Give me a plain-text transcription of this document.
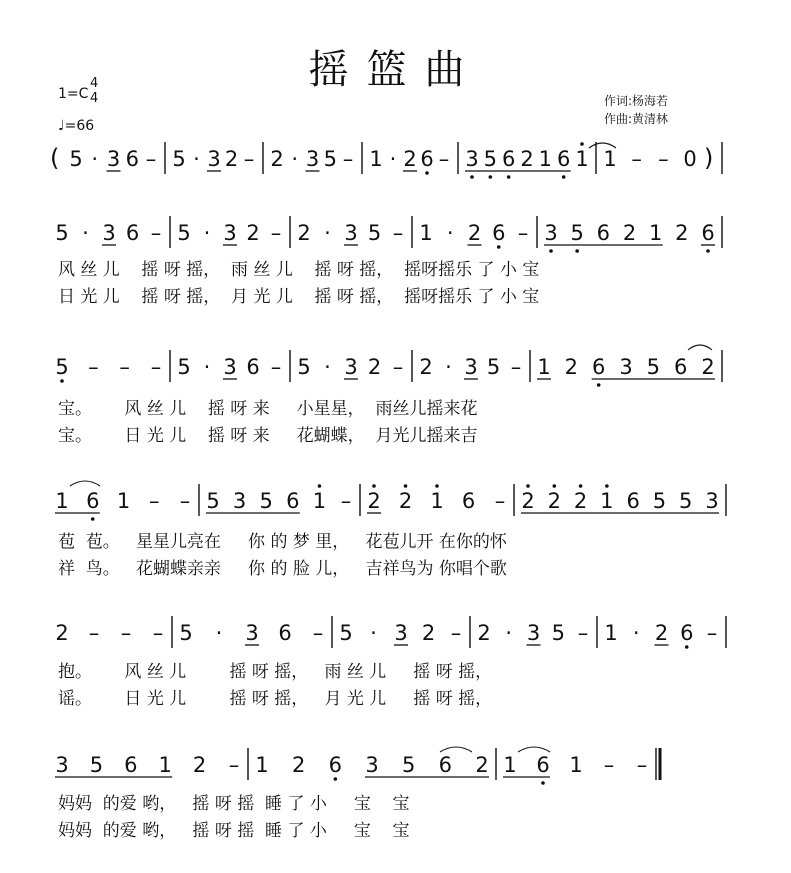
摇篮曲
1=C
4
4
♩=66
作词:杨海若
作曲:黄清林
( 5 · 3 6 – 5 · 3 2 – 2 · 3 5 – 1 · 2 6 – 3 5 6 2 1 6 1 1 – – 0 )
5 · 3 6 – 5 · 3 2 – 2 · 3 5 – 1 · 2 6 – 3 5 6 2 1 2 6
5 – – – 5 · 3 6 – 5 · 3 2 – 2 · 3 5 – 1 2 6 3 5 6 2
1 6 1 – – 5 3 5 6 1 – 2 2 1 6 – 2 2 2 1 6 5 5 3
2 – – – 5 · 3 6 – 5 · 3 2 – 2 · 3 5 – 1 · 2 6 –
3 5 6 1 2 – 1 2 6 3 5 6 2 1 6 1 – –
风 丝 儿    摇 呀 摇，  雨 丝 儿    摇 呀 摇，  摇呀摇乐 了 小 宝
日 光 儿    摇 呀 摇，  月 光 儿    摇 呀 摇，  摇呀摇乐 了 小 宝
宝。      风 丝 儿    摇 呀 来     小星星，  雨丝儿摇来花
宝。      日 光 儿    摇 呀 来     花蝴蝶，  月光儿摇来吉
苞  苞。   星星儿亮在     你 的 梦 里，   花苞儿开 在你的怀
祥  鸟。   花蝴蝶亲亲     你 的 脸 儿，   吉祥鸟为 你唱个歌
抱。      风 丝 儿        摇 呀 摇，   雨 丝 儿     摇 呀 摇，
谣。      日 光 儿        摇 呀 摇，   月 光 儿     摇 呀 摇，
妈妈  的爱 哟，   摇 呀 摇  睡 了 小     宝    宝
妈妈  的爱 哟，   摇 呀 摇  睡 了 小     宝    宝
